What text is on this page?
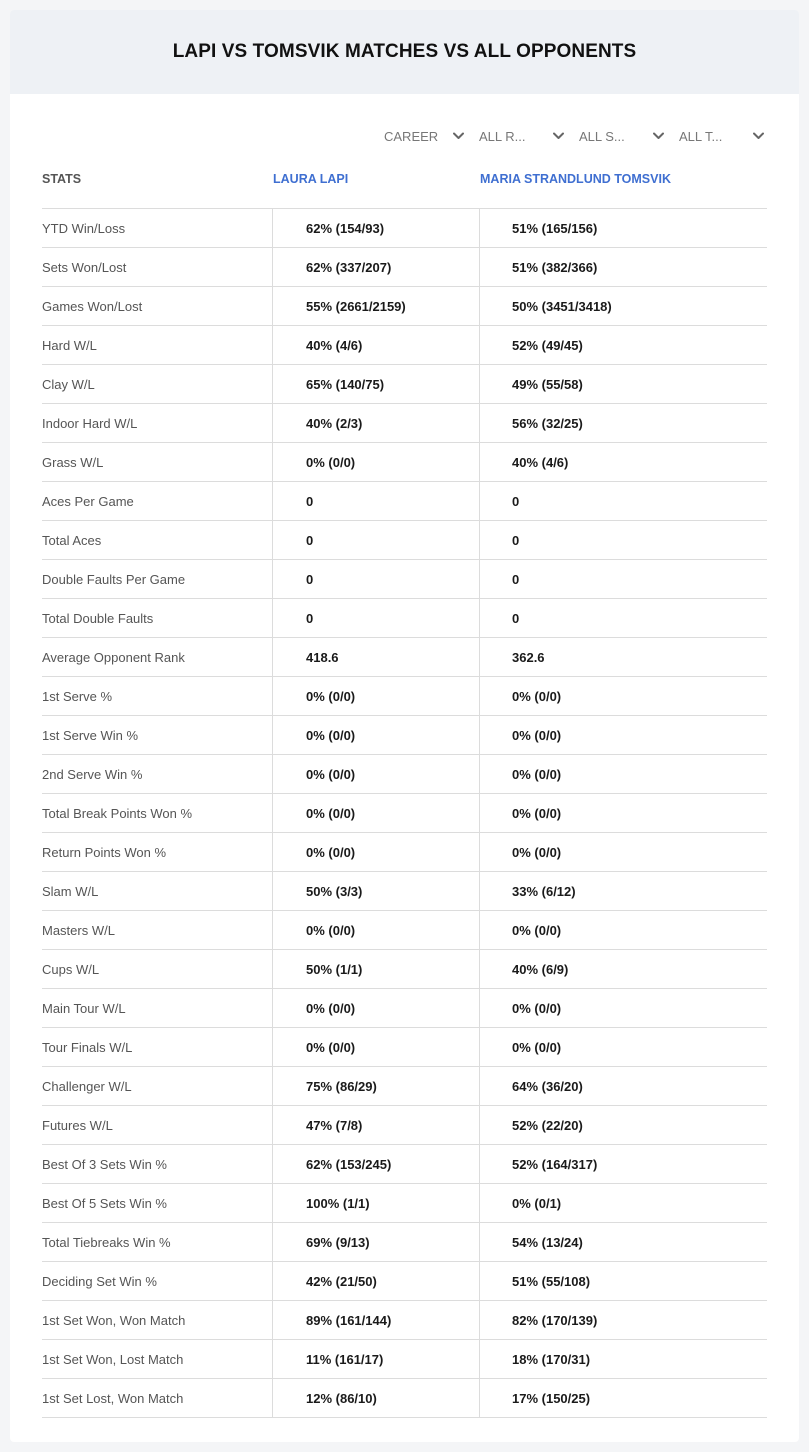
LAPI VS TOMSVIK MATCHES VS ALL OPPONENTS
CAREER	ALL R...	ALL S...	ALL T...
STATS	LAURA LAPI	MARIA STRANDLUND TOMSVIK
YTD Win/Loss	62% (154/93)	51% (165/156)
Sets Won/Lost	62% (337/207)	51% (382/366)
Games Won/Lost	55% (2661/2159)	50% (3451/3418)
Hard W/L	40% (4/6)	52% (49/45)
Clay W/L	65% (140/75)	49% (55/58)
Indoor Hard W/L	40% (2/3)	56% (32/25)
Grass W/L	0% (0/0)	40% (4/6)
Aces Per Game	0	0
Total Aces	0	0
Double Faults Per Game	0	0
Total Double Faults	0	0
Average Opponent Rank	418.6	362.6
1st Serve %	0% (0/0)	0% (0/0)
1st Serve Win %	0% (0/0)	0% (0/0)
2nd Serve Win %	0% (0/0)	0% (0/0)
Total Break Points Won %	0% (0/0)	0% (0/0)
Return Points Won %	0% (0/0)	0% (0/0)
Slam W/L	50% (3/3)	33% (6/12)
Masters W/L	0% (0/0)	0% (0/0)
Cups W/L	50% (1/1)	40% (6/9)
Main Tour W/L	0% (0/0)	0% (0/0)
Tour Finals W/L	0% (0/0)	0% (0/0)
Challenger W/L	75% (86/29)	64% (36/20)
Futures W/L	47% (7/8)	52% (22/20)
Best Of 3 Sets Win %	62% (153/245)	52% (164/317)
Best Of 5 Sets Win %	100% (1/1)	0% (0/1)
Total Tiebreaks Win %	69% (9/13)	54% (13/24)
Deciding Set Win %	42% (21/50)	51% (55/108)
1st Set Won, Won Match	89% (161/144)	82% (170/139)
1st Set Won, Lost Match	11% (161/17)	18% (170/31)
1st Set Lost, Won Match	12% (86/10)	17% (150/25)
